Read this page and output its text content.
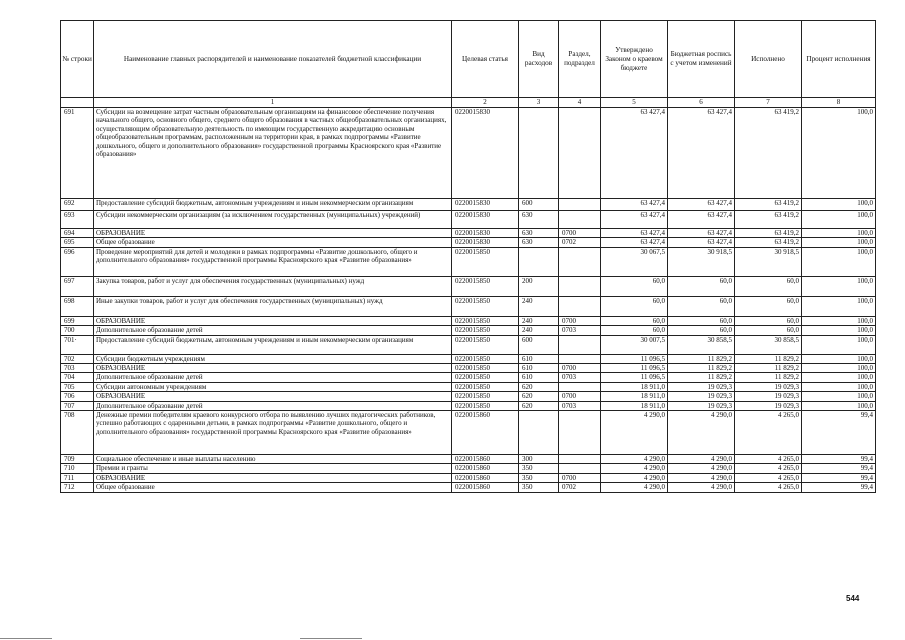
№ строки	Наименование главных распорядителей и наименование показателей бюджетной классификации	Целевая статья	Вид расходов	Раздел, подраздел	Утверждено Законом о краевом бюджете	Бюджетная роспись с учетом изменений	Исполнено	Процент исполнения
	1	2	3	4	5	6	7	8
691	Субсидии на возмещение затрат частным образовательным организациям на финансовое обеспечение получения начального общего, основного общего, среднего общего образования в частных общеобразовательных организациях, осуществляющим образовательную деятельность по имеющим государственную аккредитацию основным общеобразовательным программам, расположенным на территории края, в рамках подпрограммы «Развитие дошкольного, общего и дополнительного образования» государственной программы Красноярского края «Развитие образования»	0220015830			63 427,4	63 427,4	63 419,2	100,0
692	Предоставление субсидий бюджетным, автономным учреждениям и иным некоммерческим организациям	0220015830	600		63 427,4	63 427,4	63 419,2	100,0
693	Субсидии некоммерческим организациям (за исключением государственных (муниципальных) учреждений)	0220015830	630		63 427,4	63 427,4	63 419,2	100,0
694	ОБРАЗОВАНИЕ	0220015830	630	0700	63 427,4	63 427,4	63 419,2	100,0
695	Общее образование	0220015830	630	0702	63 427,4	63 427,4	63 419,2	100,0
696	Проведение мероприятий для детей и молодежи в рамках подпрограммы «Развитие дошкольного, общего и дополнительного образования» государственной программы Красноярского края «Развитие образования»	0220015850			30 067,5	30 918,5	30 918,5	100,0
697	Закупка товаров, работ и услуг для обеспечения государственных (муниципальных) нужд	0220015850	200		60,0	60,0	60,0	100,0
698	Иные закупки товаров, работ и услуг для обеспечения государственных (муниципальных) нужд	0220015850	240		60,0	60,0	60,0	100,0
699	ОБРАЗОВАНИЕ	0220015850	240	0700	60,0	60,0	60,0	100,0
700	Дополнительное образование детей	0220015850	240	0703	60,0	60,0	60,0	100,0
701·	Предоставление субсидий бюджетным, автономным учреждениям и иным некоммерческим организациям	0220015850	600		30 007,5	30 858,5	30 858,5	100,0
702	Субсидии бюджетным учреждениям	0220015850	610		11 096,5	11 829,2	11 829,2	100,0
703	ОБРАЗОВАНИЕ	0220015850	610	0700	11 096,5	11 829,2	11 829,2	100,0
704	Дополнительное образование детей	0220015850	610	0703	11 096,5	11 829,2	11 829,2	100,0
705	Субсидии автономным учреждениям	0220015850	620		18 911,0	19 029,3	19 029,3	100,0
706	ОБРАЗОВАНИЕ	0220015850	620	0700	18 911,0	19 029,3	19 029,3	100,0
707	Дополнительное образование детей	0220015850	620	0703	18 911,0	19 029,3	19 029,3	100,0
708	Денежные премии победителям краевого конкурсного отбора по выявлению лучших педагогических работников, успешно работающих с одаренными детьми, в рамках подпрограммы «Развитие дошкольного, общего и дополнительного образования» государственной программы Красноярского края «Развитие образования»	0220015860			4 290,0	4 290,0	4 265,0	99,4
709	Социальное обеспечение и иные выплаты населению	0220015860	300		4 290,0	4 290,0	4 265,0	99,4
710	Премии и гранты	0220015860	350		4 290,0	4 290,0	4 265,0	99,4
711	ОБРАЗОВАНИЕ	0220015860	350	0700	4 290,0	4 290,0	4 265,0	99,4
712	Общее образование	0220015860	350	0702	4 290,0	4 290,0	4 265,0	99,4
544
